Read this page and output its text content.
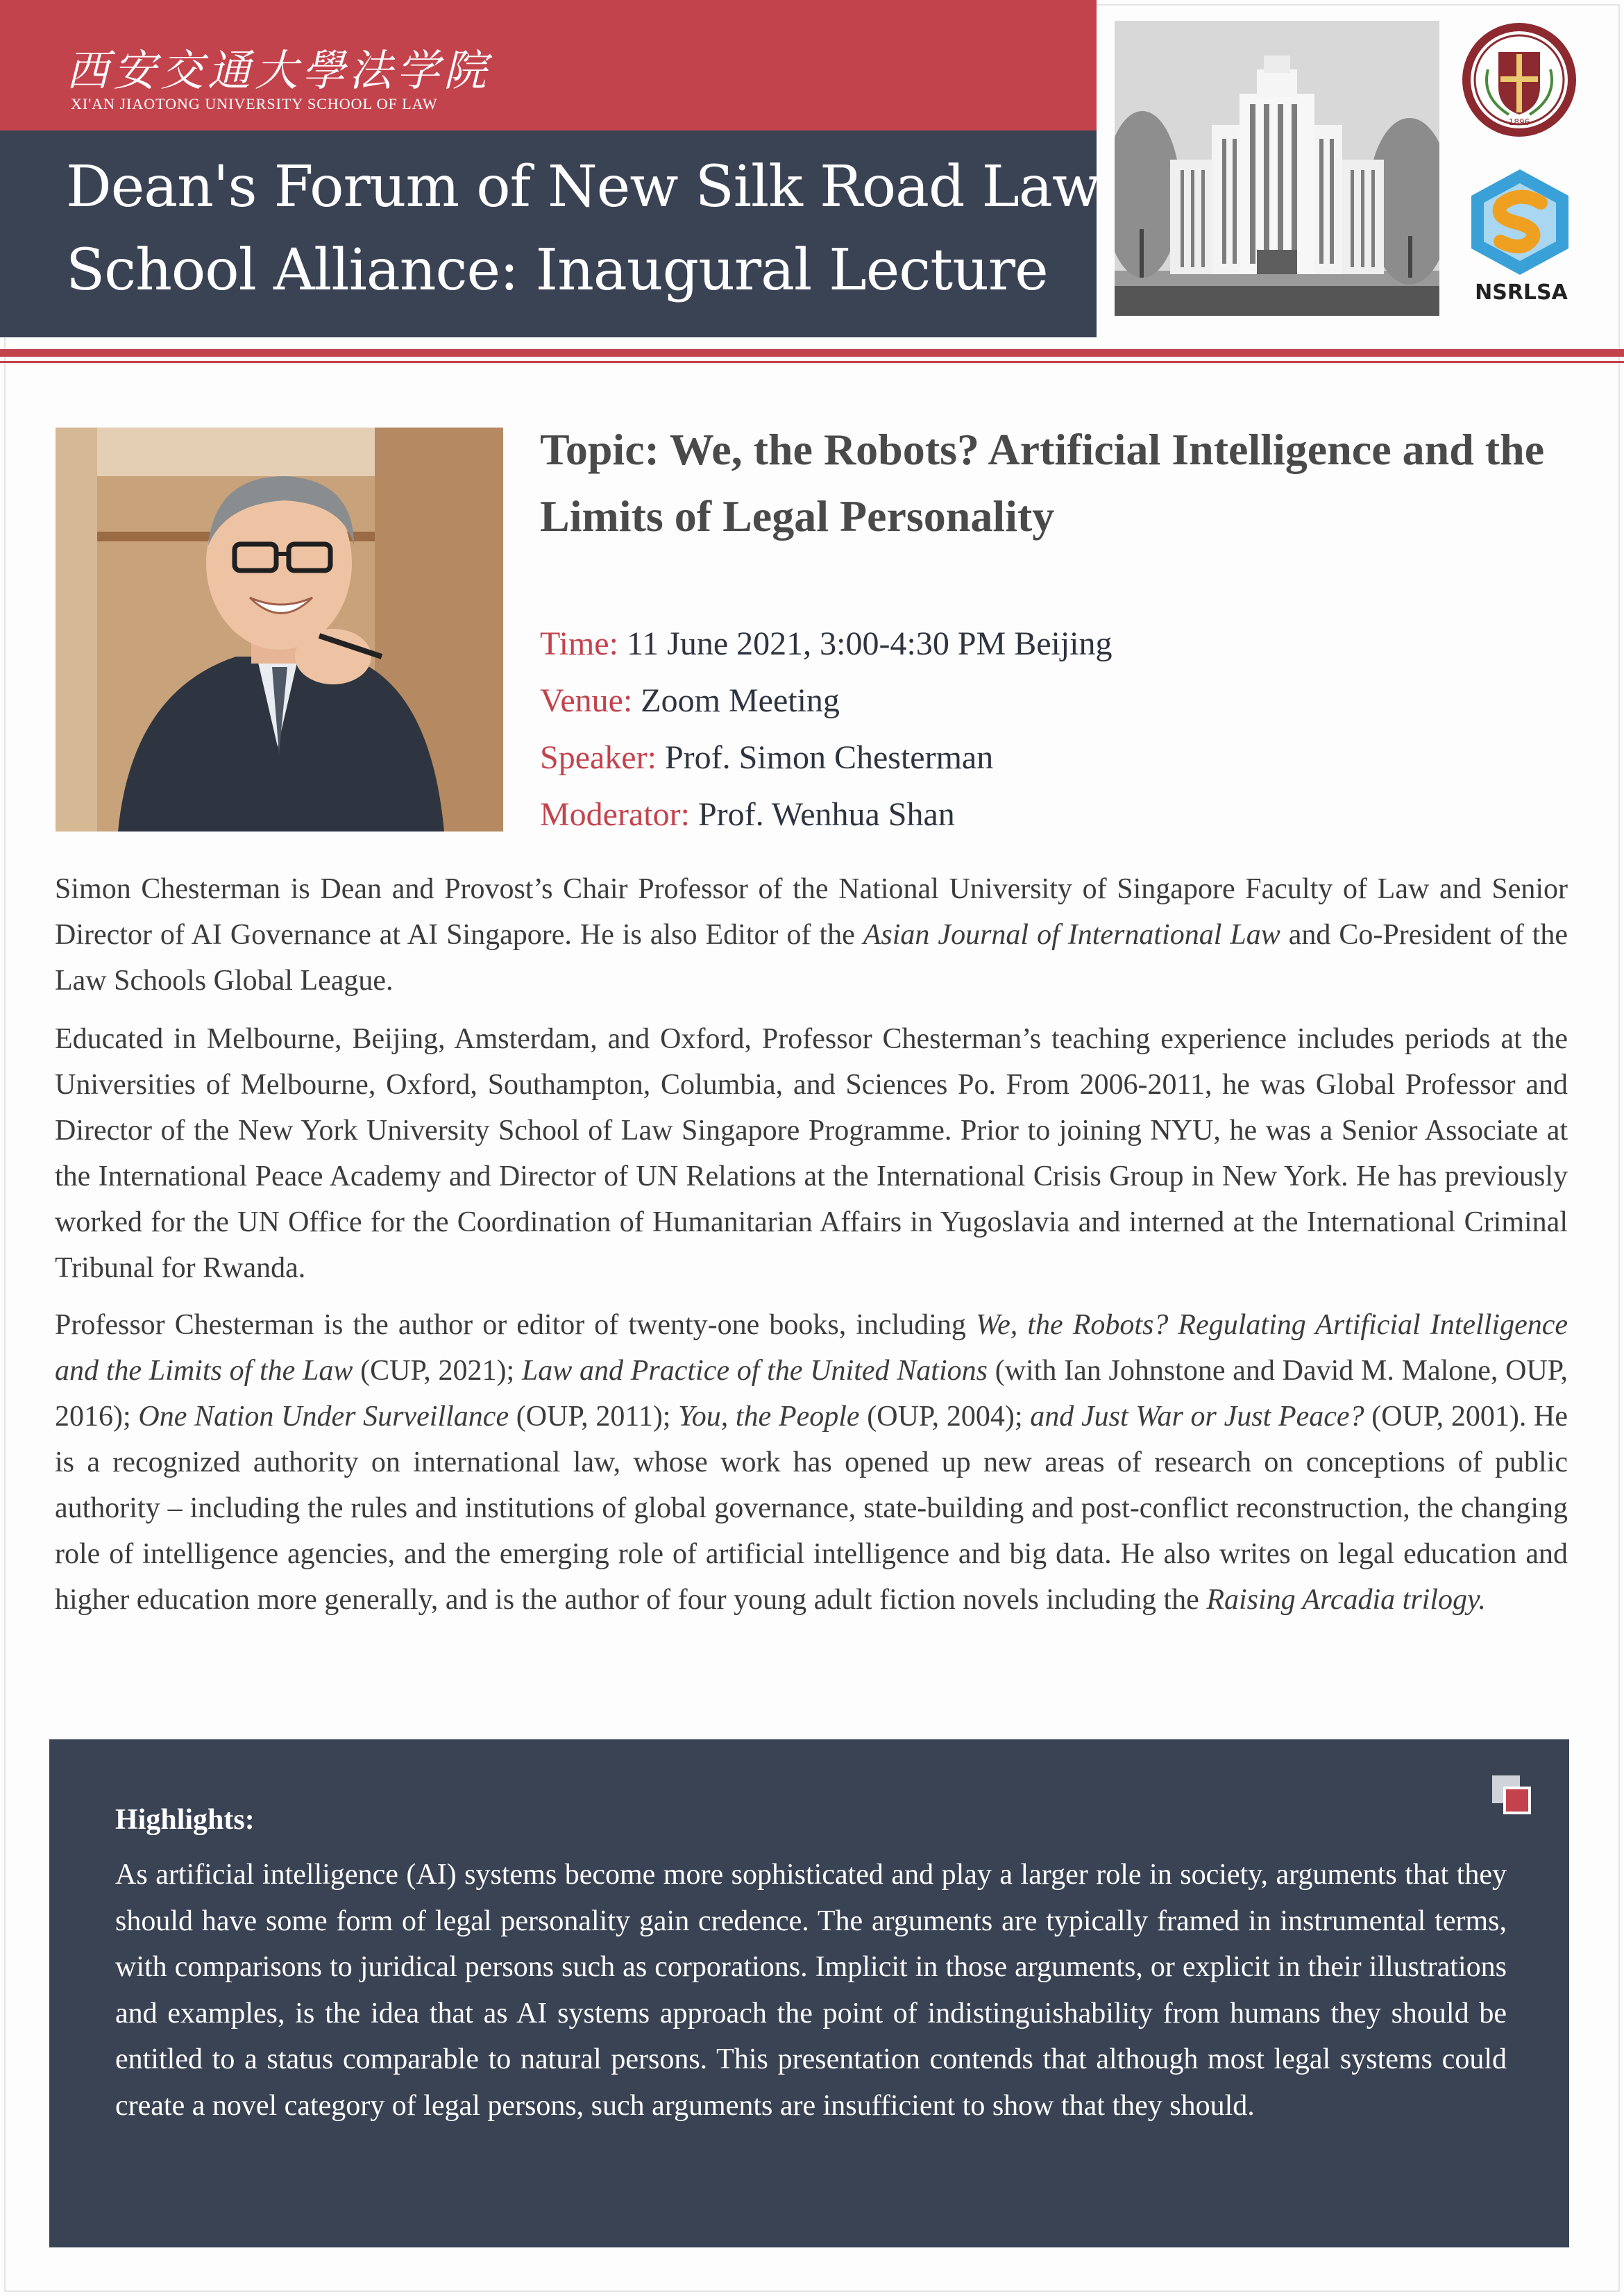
西安交通大學法学院
XI'AN JIAOTONG UNIVERSITY SCHOOL OF LAW
Dean's Forum of New Silk Road Law
School Alliance: Inaugural Lecture
1896
NSRLSA
Topic: We, the Robots? Artificial Intelligence and the Limits of Legal Personality
Time: 11 June 2021, 3:00-4:30 PM Beijing
Venue: Zoom Meeting
Speaker: Prof. Simon Chesterman
Moderator: Prof. Wenhua Shan

Simon Chesterman is Dean and Provost’s Chair Professor of the National University of Singapore Faculty of Law and Senior Director of AI Governance at AI Singapore. He is also Editor of the Asian Journal of International Law and Co-President of the Law Schools Global League.

Educated in Melbourne, Beijing, Amsterdam, and Oxford, Professor Chesterman’s teaching experience includes periods at the Universities of Melbourne, Oxford, Southampton, Columbia, and Sciences Po. From 2006-2011, he was Global Professor and Director of the New York University School of Law Singapore Programme. Prior to joining NYU, he was a Senior Associate at the International Peace Academy and Director of UN Relations at the International Crisis Group in New York. He has previously worked for the UN Office for the Coordination of Humanitarian Affairs in Yugoslavia and interned at the International Criminal Tribunal for Rwanda.

Professor Chesterman is the author or editor of twenty-one books, including We, the Robots? Regulating Artificial Intelligence and the Limits of the Law (CUP, 2021); Law and Practice of the United Nations (with Ian Johnstone and David M. Malone, OUP, 2016); One Nation Under Surveillance (OUP, 2011); You, the People (OUP, 2004); and Just War or Just Peace? (OUP, 2001). He is a recognized authority on international law, whose work has opened up new areas of research on conceptions of public authority – including the rules and institutions of global governance, state-building and post-conflict reconstruction, the changing role of intelligence agencies, and the emerging role of artificial intelligence and big data. He also writes on legal education and higher education more generally, and is the author of four young adult fiction novels including the Raising Arcadia trilogy.

Highlights:

As artificial intelligence (AI) systems become more sophisticated and play a larger role in society, arguments that they should have some form of legal personality gain credence. The arguments are typically framed in instrumental terms, with comparisons to juridical persons such as corporations. Implicit in those arguments, or explicit in their illustrations and examples, is the idea that as AI systems approach the point of indistinguishability from humans they should be entitled to a status comparable to natural persons. This presentation contends that although most legal systems could create a novel category of legal persons, such arguments are insufficient to show that they should.
